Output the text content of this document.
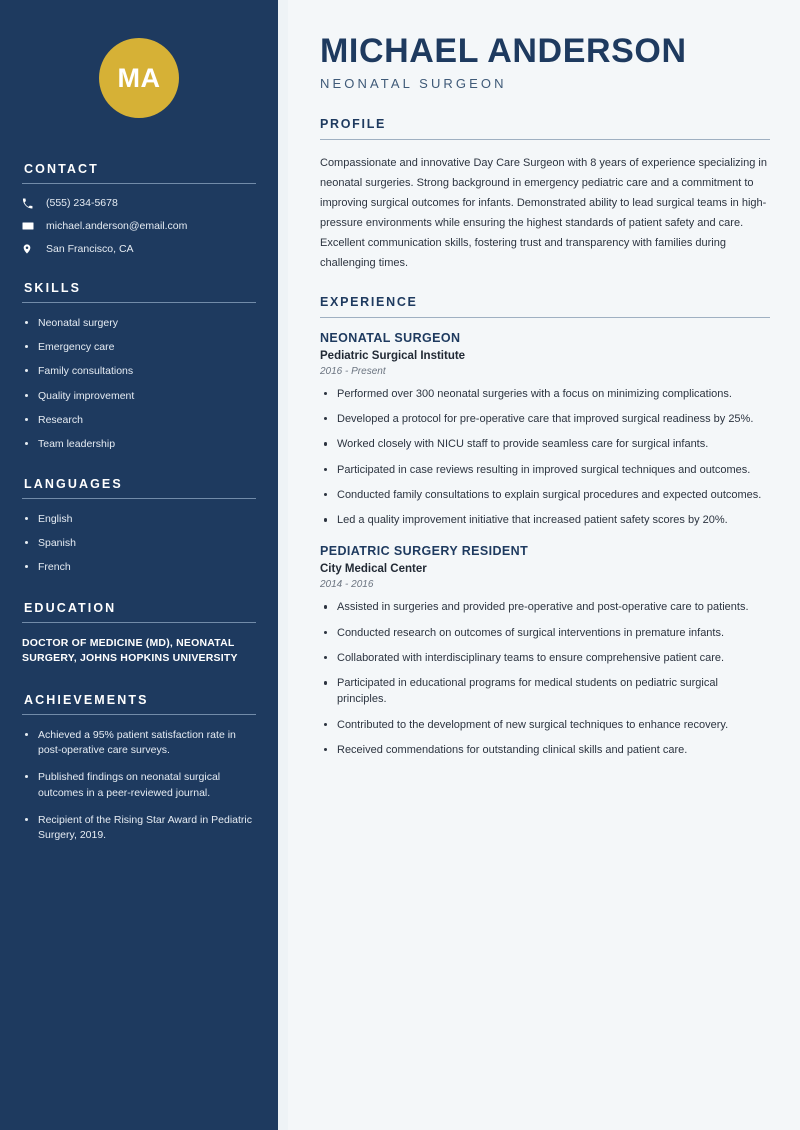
MA
CONTACT
(555) 234-5678
michael.anderson@email.com
San Francisco, CA
SKILLS
Neonatal surgery
Emergency care
Family consultations
Quality improvement
Research
Team leadership
LANGUAGES
English
Spanish
French
EDUCATION
DOCTOR OF MEDICINE (MD), NEONATAL SURGERY, JOHNS HOPKINS UNIVERSITY
ACHIEVEMENTS
Achieved a 95% patient satisfaction rate in post-operative care surveys.
Published findings on neonatal surgical outcomes in a peer-reviewed journal.
Recipient of the Rising Star Award in Pediatric Surgery, 2019.
MICHAEL ANDERSON
NEONATAL SURGEON
PROFILE

Compassionate and innovative Day Care Surgeon with 8 years of experience specializing in neonatal surgeries. Strong background in emergency pediatric care and a commitment to improving surgical outcomes for infants. Demonstrated ability to lead surgical teams in high-pressure environments while ensuring the highest standards of patient safety and care. Excellent communication skills, fostering trust and transparency with families during challenging times.

EXPERIENCE
NEONATAL SURGEON
Pediatric Surgical Institute
2016 - Present
Performed over 300 neonatal surgeries with a focus on minimizing complications.
Developed a protocol for pre-operative care that improved surgical readiness by 25%.
Worked closely with NICU staff to provide seamless care for surgical infants.
Participated in case reviews resulting in improved surgical techniques and outcomes.
Conducted family consultations to explain surgical procedures and expected outcomes.
Led a quality improvement initiative that increased patient safety scores by 20%.
PEDIATRIC SURGERY RESIDENT
City Medical Center
2014 - 2016
Assisted in surgeries and provided pre-operative and post-operative care to patients.
Conducted research on outcomes of surgical interventions in premature infants.
Collaborated with interdisciplinary teams to ensure comprehensive patient care.
Participated in educational programs for medical students on pediatric surgical principles.
Contributed to the development of new surgical techniques to enhance recovery.
Received commendations for outstanding clinical skills and patient care.
